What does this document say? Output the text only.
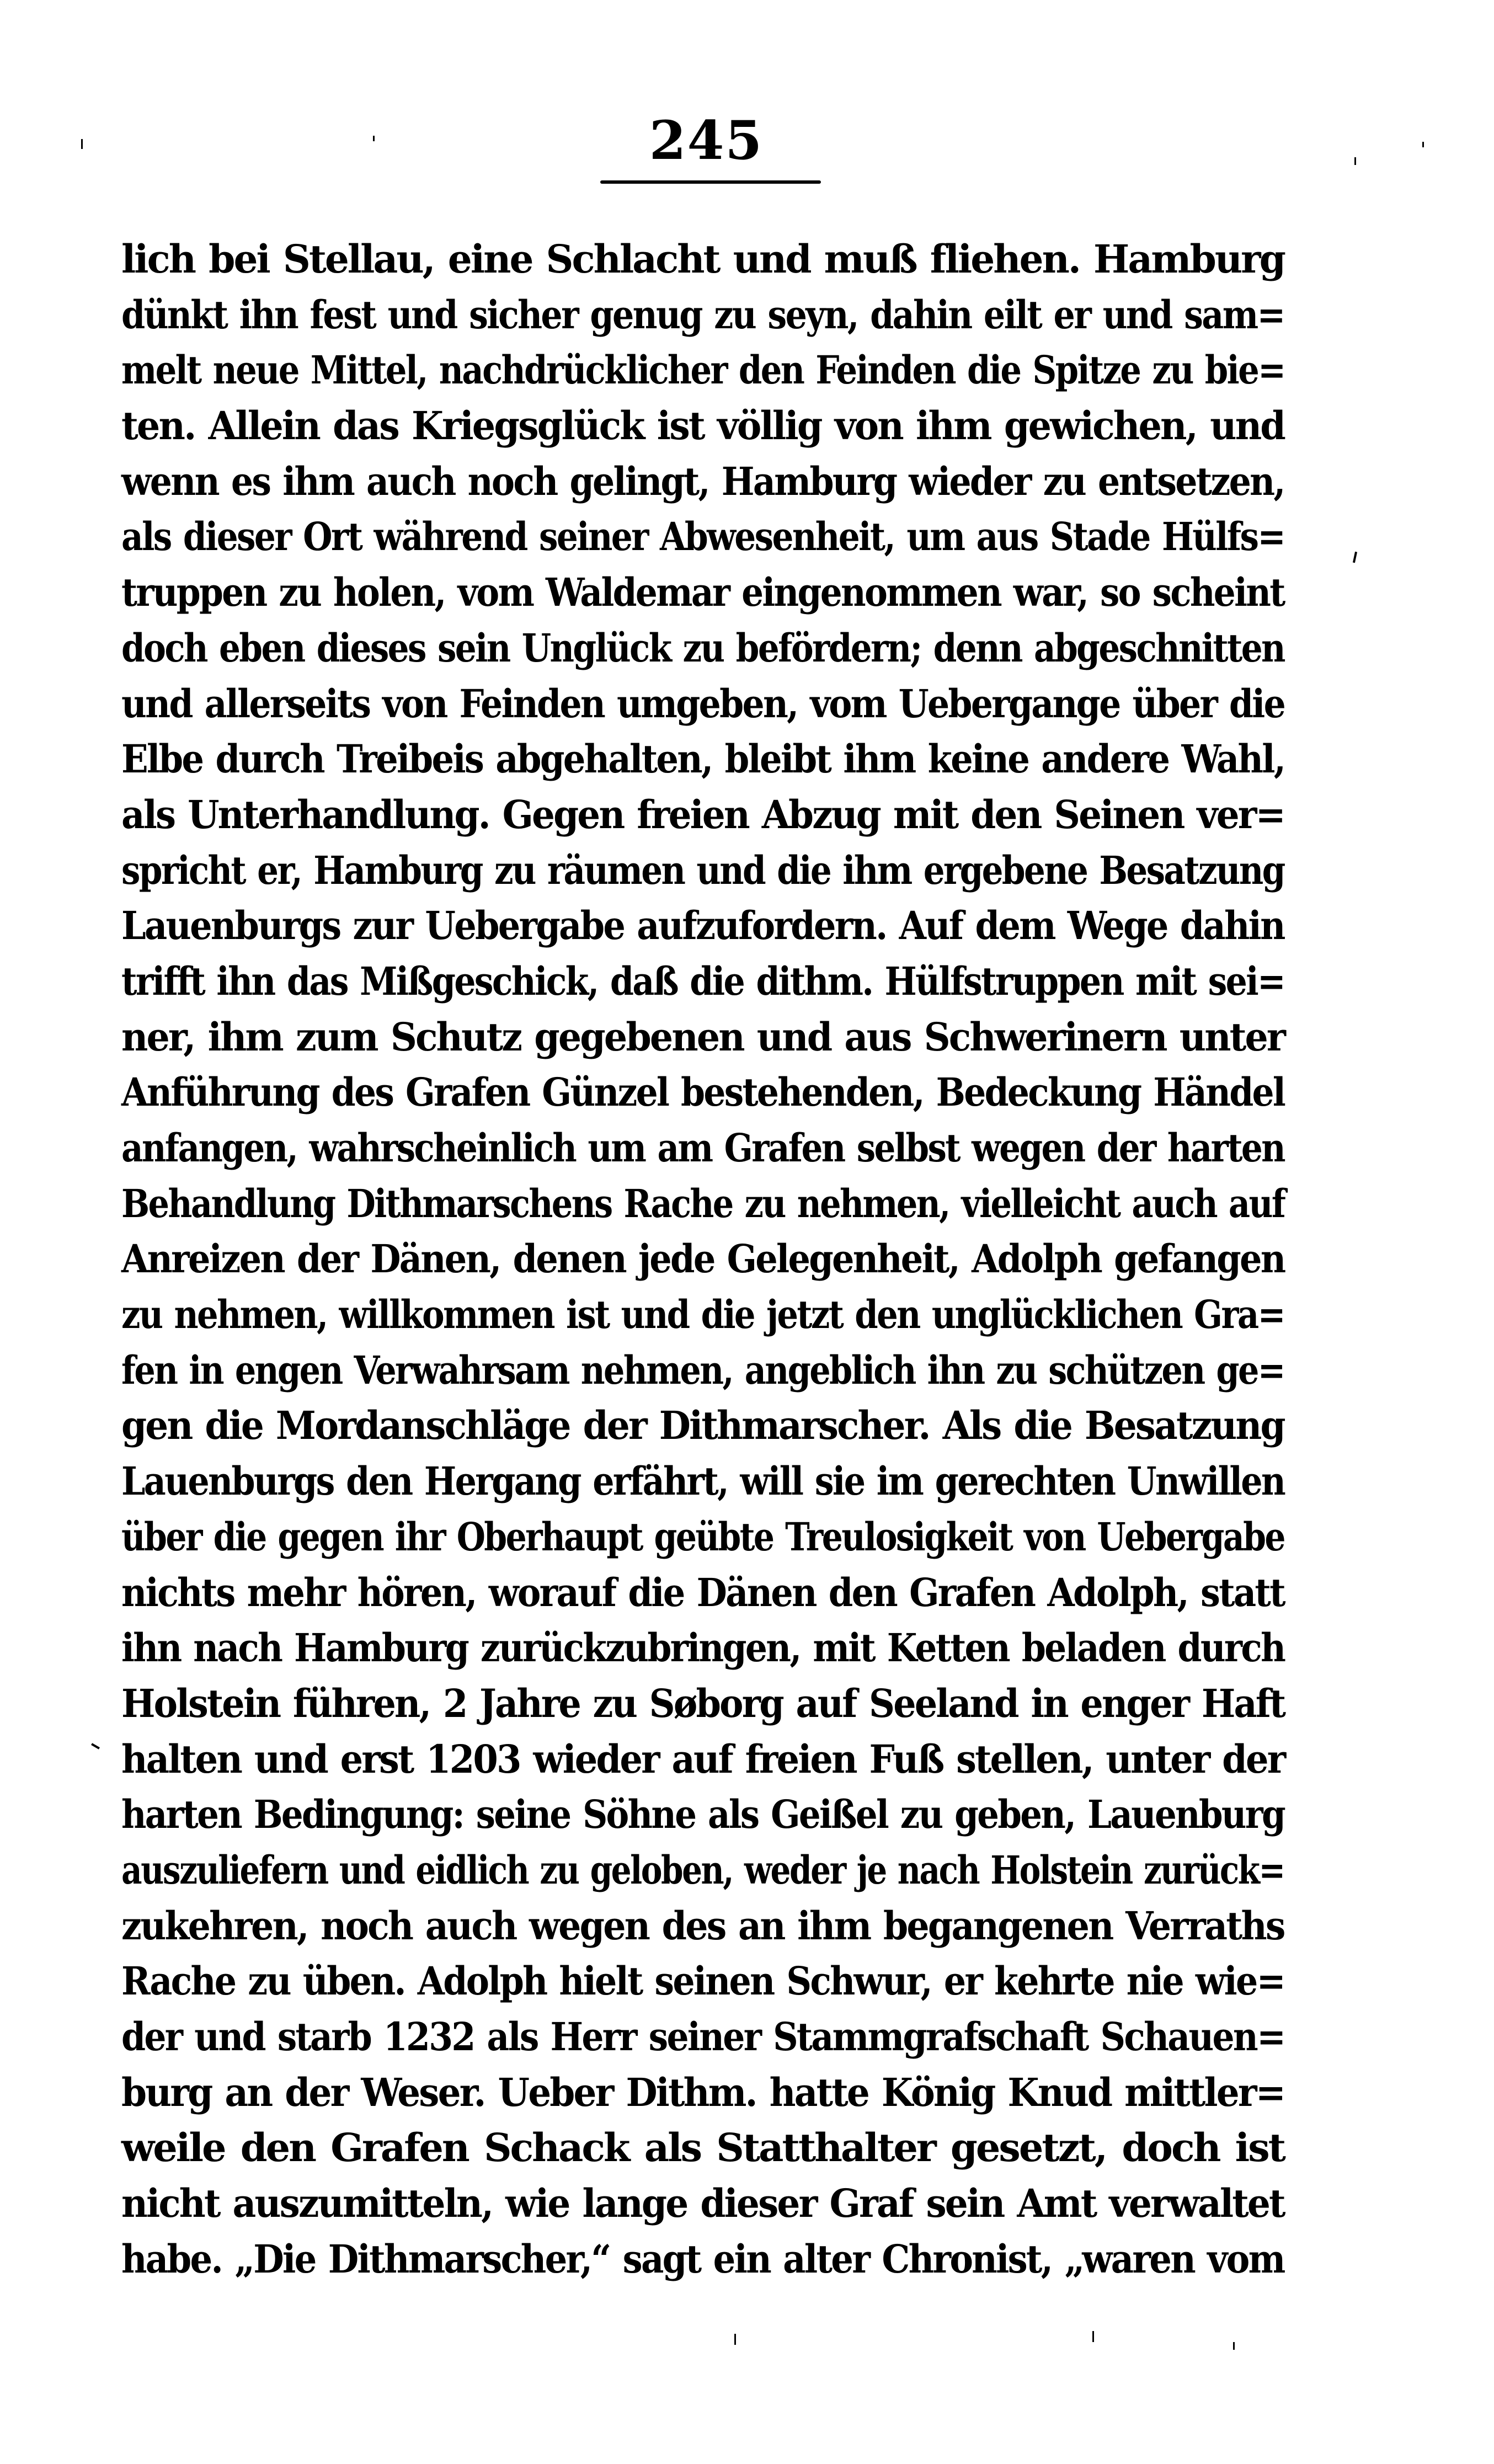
245
lich bei Stellau, eine Schlacht und muß fliehen. Hamburg
dünkt ihn fest und sicher genug zu seyn, dahin eilt er und sam=
melt neue Mittel, nachdrücklicher den Feinden die Spitze zu bie=
ten. Allein das Kriegsglück ist völlig von ihm gewichen, und
wenn es ihm auch noch gelingt, Hamburg wieder zu entsetzen,
als dieser Ort während seiner Abwesenheit, um aus Stade Hülfs=
truppen zu holen, vom Waldemar eingenommen war, so scheint
doch eben dieses sein Unglück zu befördern; denn abgeschnitten
und allerseits von Feinden umgeben, vom Uebergange über die
Elbe durch Treibeis abgehalten, bleibt ihm keine andere Wahl,
als Unterhandlung. Gegen freien Abzug mit den Seinen ver=
spricht er, Hamburg zu räumen und die ihm ergebene Besatzung
Lauenburgs zur Uebergabe aufzufordern. Auf dem Wege dahin
trifft ihn das Mißgeschick, daß die dithm. Hülfstruppen mit sei=
ner, ihm zum Schutz gegebenen und aus Schwerinern unter
Anführung des Grafen Günzel bestehenden, Bedeckung Händel
anfangen, wahrscheinlich um am Grafen selbst wegen der harten
Behandlung Dithmarschens Rache zu nehmen, vielleicht auch auf
Anreizen der Dänen, denen jede Gelegenheit, Adolph gefangen
zu nehmen, willkommen ist und die jetzt den unglücklichen Gra=
fen in engen Verwahrsam nehmen, angeblich ihn zu schützen ge=
gen die Mordanschläge der Dithmarscher. Als die Besatzung
Lauenburgs den Hergang erfährt, will sie im gerechten Unwillen
über die gegen ihr Oberhaupt geübte Treulosigkeit von Uebergabe
nichts mehr hören, worauf die Dänen den Grafen Adolph, statt
ihn nach Hamburg zurückzubringen, mit Ketten beladen durch
Holstein führen, 2 Jahre zu Søborg auf Seeland in enger Haft
halten und erst 1203 wieder auf freien Fuß stellen, unter der
harten Bedingung: seine Söhne als Geißel zu geben, Lauenburg
auszuliefern und eidlich zu geloben, weder je nach Holstein zurück=
zukehren, noch auch wegen des an ihm begangenen Verraths
Rache zu üben. Adolph hielt seinen Schwur, er kehrte nie wie=
der und starb 1232 als Herr seiner Stammgrafschaft Schauen=
burg an der Weser. Ueber Dithm. hatte König Knud mittler=
weile den Grafen Schack als Statthalter gesetzt, doch ist
nicht auszumitteln, wie lange dieser Graf sein Amt verwaltet
habe. „Die Dithmarscher,“ sagt ein alter Chronist, „waren vom
